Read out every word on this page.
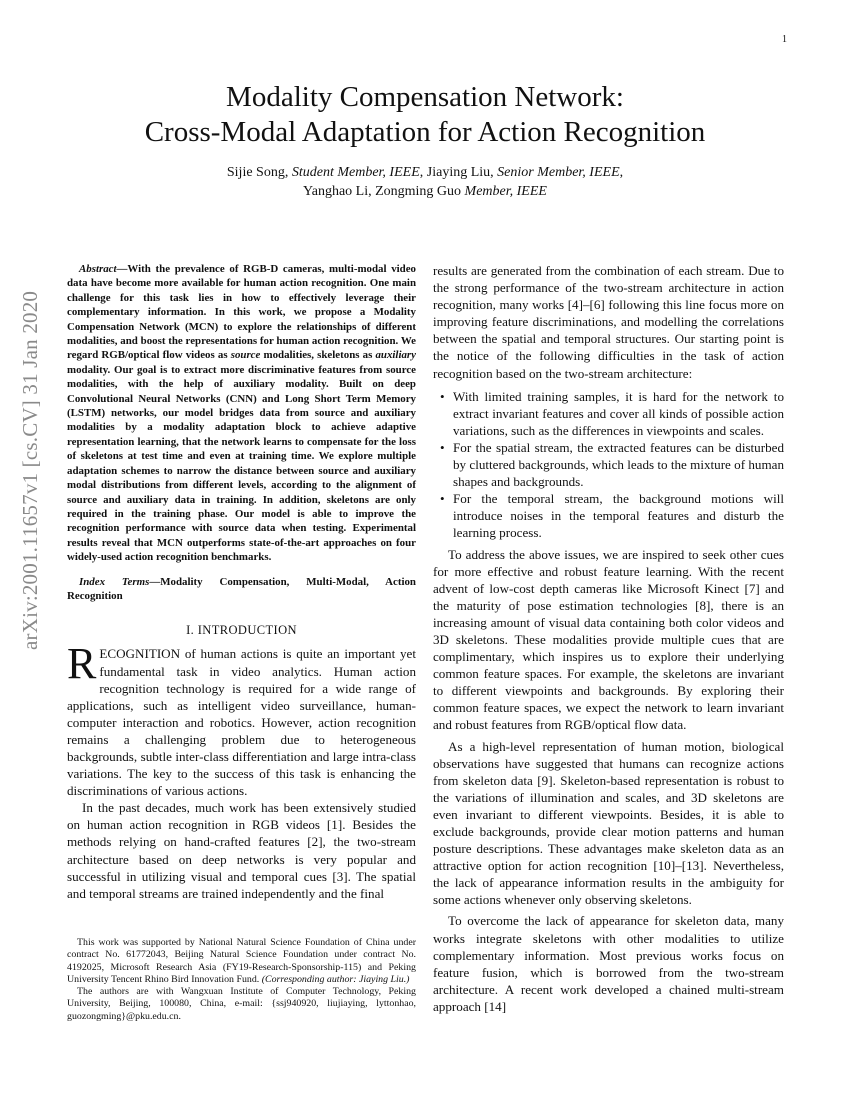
1
arXiv:2001.11657v1 [cs.CV] 31 Jan 2020
Modality Compensation Network:
Cross-Modal Adaptation for Action Recognition
Sijie Song, Student Member, IEEE, Jiaying Liu, Senior Member, IEEE,
Yanghao Li, Zongming Guo Member, IEEE

Abstract—With the prevalence of RGB-D cameras, multi-modal video data have become more available for human action recognition. One main challenge for this task lies in how to effectively leverage their complementary information. In this work, we propose a Modality Compensation Network (MCN) to explore the relationships of different modalities, and boost the representations for human action recognition. We regard RGB/optical flow videos as source modalities, skeletons as auxiliary modality. Our goal is to extract more discriminative features from source modalities, with the help of auxiliary modality. Built on deep Convolutional Neural Networks (CNN) and Long Short Term Memory (LSTM) networks, our model bridges data from source and auxiliary modalities by a modality adaptation block to achieve adaptive representation learning, that the network learns to compensate for the loss of skeletons at test time and even at training time. We explore multiple adaptation schemes to narrow the distance between source and auxiliary modal distributions from different levels, according to the alignment of source and auxiliary data in training. In addition, skeletons are only required in the training phase. Our model is able to improve the recognition performance with source data when testing. Experimental results reveal that MCN outperforms state-of-the-art approaches on four widely-used action recognition benchmarks.

Index Terms—Modality Compensation, Multi-Modal, Action Recognition

I. INTRODUCTION

RECOGNITION of human actions is quite an important yet fundamental task in video analytics. Human action recognition technology is required for a wide range of applications, such as intelligent video surveillance, human-computer interaction and robotics. However, action recognition remains a challenging problem due to heterogeneous backgrounds, subtle inter-class differentiation and large intra-class variations. The key to the success of this task is enhancing the discriminations of various actions.

In the past decades, much work has been extensively studied on human action recognition in RGB videos [1]. Besides the methods relying on hand-crafted features [2], the two-stream architecture based on deep networks is very popular and successful in utilizing visual and temporal cues [3]. The spatial and temporal streams are trained independently and the final

This work was supported by National Natural Science Foundation of China under contract No. 61772043, Beijing Natural Science Foundation under contract No. 4192025, Microsoft Research Asia (FY19-Research-Sponsorship-115) and Peking University Tencent Rhino Bird Innovation Fund. (Corresponding author: Jiaying Liu.)

The authors are with Wangxuan Institute of Computer Technology, Peking University, Beijing, 100080, China, e-mail: {ssj940920, liujiaying, lyttonhao, guozongming}@pku.edu.cn.

results are generated from the combination of each stream. Due to the strong performance of the two-stream architecture in action recognition, many works [4]–[6] following this line focus more on improving feature discriminations, and modelling the correlations between the spatial and temporal structures. Our starting point is the notice of the following difficulties in the task of action recognition based on the two-stream architecture:

• With limited training samples, it is hard for the network to extract invariant features and cover all kinds of possible action variations, such as the differences in viewpoints and scales.
• For the spatial stream, the extracted features can be disturbed by cluttered backgrounds, which leads to the mixture of human shapes and backgrounds.
• For the temporal stream, the background motions will introduce noises in the temporal features and disturb the learning process.

To address the above issues, we are inspired to seek other cues for more effective and robust feature learning. With the recent advent of low-cost depth cameras like Microsoft Kinect [7] and the maturity of pose estimation technologies [8], there is an increasing amount of visual data containing both color videos and 3D skeletons. These modalities provide multiple cues that are complimentary, which inspires us to explore their underlying common feature spaces. For example, the skeletons are invariant to different viewpoints and backgrounds. By exploring their common feature spaces, we expect the network to learn invariant and robust features from RGB/optical flow data.

As a high-level representation of human motion, biological observations have suggested that humans can recognize actions from skeleton data [9]. Skeleton-based representation is robust to the variations of illumination and scales, and 3D skeletons are even invariant to different viewpoints. Besides, it is able to exclude backgrounds, provide clear motion patterns and human posture descriptions. These advantages make skeleton data as an attractive option for action recognition [10]–[13]. Nevertheless, the lack of appearance information results in the ambiguity for some actions whenever only observing skeletons.

To overcome the lack of appearance for skeleton data, many works integrate skeletons with other modalities to utilize complementary information. Most previous works focus on feature fusion, which is borrowed from the two-stream architecture. A recent work developed a chained multi-stream approach [14]
